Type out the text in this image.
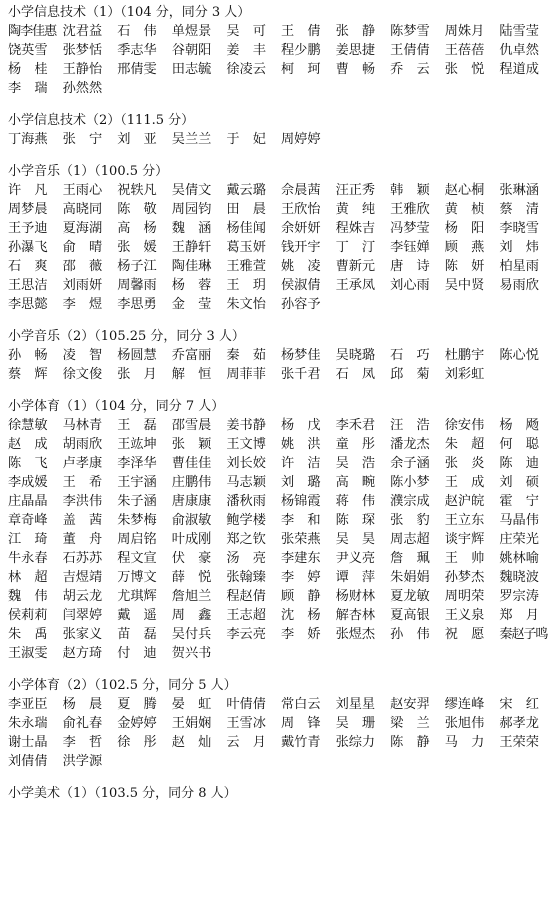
小学信息技术（1）（104 分，同分 3 人）
陶李佳惠 沈君益	石　伟	单煜景	吴　可	王　倩	张　静	陈梦雪	周姝月	陆雪莹
饶英雪	张梦恬	季志华	谷朝阳	姜　丰	程少鹏	姜思捷	王倩倩	王蓓蓓	仇卓然
杨　桂	王静怡	邢倩雯	田志毓	徐凌云	柯　珂	曹　畅	乔　云	张　悦	程道成
李　瑞	孙然然
小学信息技术（2）（111.5 分）
丁海燕	张　宁	刘　亚	吴兰兰	于　妃	周婷婷
小学音乐（1）（100.5 分）
许　凡	王雨心	祝轶凡	吴倩文	戴云璐	佘晨茜	汪正秀	韩　颖	赵心桐	张琳涵
周梦晨	高晓同	陈　敬	周园钧	田　晨	王欣怡	黄　纯	王雅欣	黄　桢	蔡　清
王予迪	夏海湖	高　杨	魏　涵	杨佳闻	余妍妍	程姝吉	冯梦莹	杨　阳	李晓雪
孙瀑飞	俞　晴	张　媛	王静轩	葛玉妍	钱开宇	丁　汀	李钰婵	顾　燕	刘　炜
石　爽	邵　薇	杨子江	陶佳琳	王雅萱	姚　凌	曹新元	唐　诗	陈　妍	柏星雨
王思洁	刘雨妍	周馨雨	杨　蓉	王　玥	侯淑倩	王承凤	刘心雨	吴中贤	易雨欣
李思懿	李　煜	李思勇	金　莹	朱文怡	孙容予
小学音乐（2）（105.25 分，同分 3 人）
孙　畅	凌　智	杨圆慧	乔富丽	秦　茹	杨梦佳	吴晓璐	石　巧	杜鹏宇	陈心悦
蔡　辉	徐文俊	张　月	解　恒	周菲菲	张千君	石　凤	邱　菊	刘彩虹
小学体育（1）（104 分，同分 7 人）
徐慧敏	马林青	王　磊	邵雪晨	姜书静	杨　戊	李禾君	汪　浩	徐安伟	杨　飏
赵　成	胡雨欣	王竑坤	张　颖	王文博	姚　洪	童　彤	潘龙杰	朱　超	何　聪
陈　飞	卢孝康	李泽华	曹佳佳	刘长姣	许　洁	吴　浩	余子涵	张　炎	陈　迪
李成媛	王　希	王宇涵	庄鹏伟	马志颖	刘　璐	高　畹	陈小梦	王　成	刘　硕
庄晶晶	李洪伟	朱子涵	唐康康	潘秋雨	杨锦霞	蒋　伟	濮宗成	赵沪皖	霍　宁
章奇峰	盖　茜	朱梦梅	俞淑敏	鲍学楼	李　和	陈　琛	张　豹	王立东	马晶伟
江　琦	董　舟	周启铭	叶成刚	郑之钦	张荣燕	吴　昊	周志超	谈宇辉	庄荣光
牛永春	石苏苏	程文宣	伏　豪	汤　亮	李建东	尹义亮	詹　珮	王　帅	姚林喻
林　超	吉煜靖	万博文	薛　悦	张翰臻	李　婷	谭　萍	朱娟娟	孙梦杰	魏晓波
魏　伟	胡云龙	尤琪辉	詹旭兰	程赵倩	顾　静	杨财林	夏龙敏	周明荣	罗宗涛
侯莉莉	闫翠婷	戴　遥	周　鑫	王志超	沈　杨	解杏林	夏高银	王义泉	郑　月
朱　禹	张家义	苗　磊	吴付兵	李云亮	李　娇	张煜杰	孙　伟	祝　愿	秦赵子鸣
王淑雯	赵方琦	付　迪	贺兴书
小学体育（2）（102.5 分，同分 5 人）
李亚臣	杨　晨	夏　腾	晏　虹	叶倩倩	常白云	刘星星	赵安羿	缪连峰	宋　红
朱永瑞	俞礼春	金婷婷	王娟娴	王雪冰	周　锋	吴　珊	梁　兰	张旭伟	郝孝龙
谢士晶	李　哲	徐　彤	赵　灿	云　月	戴竹青	张综力	陈　静	马　力	王荣荣
刘倩倩	洪学源
小学美术（1）（103.5 分，同分 8 人）
